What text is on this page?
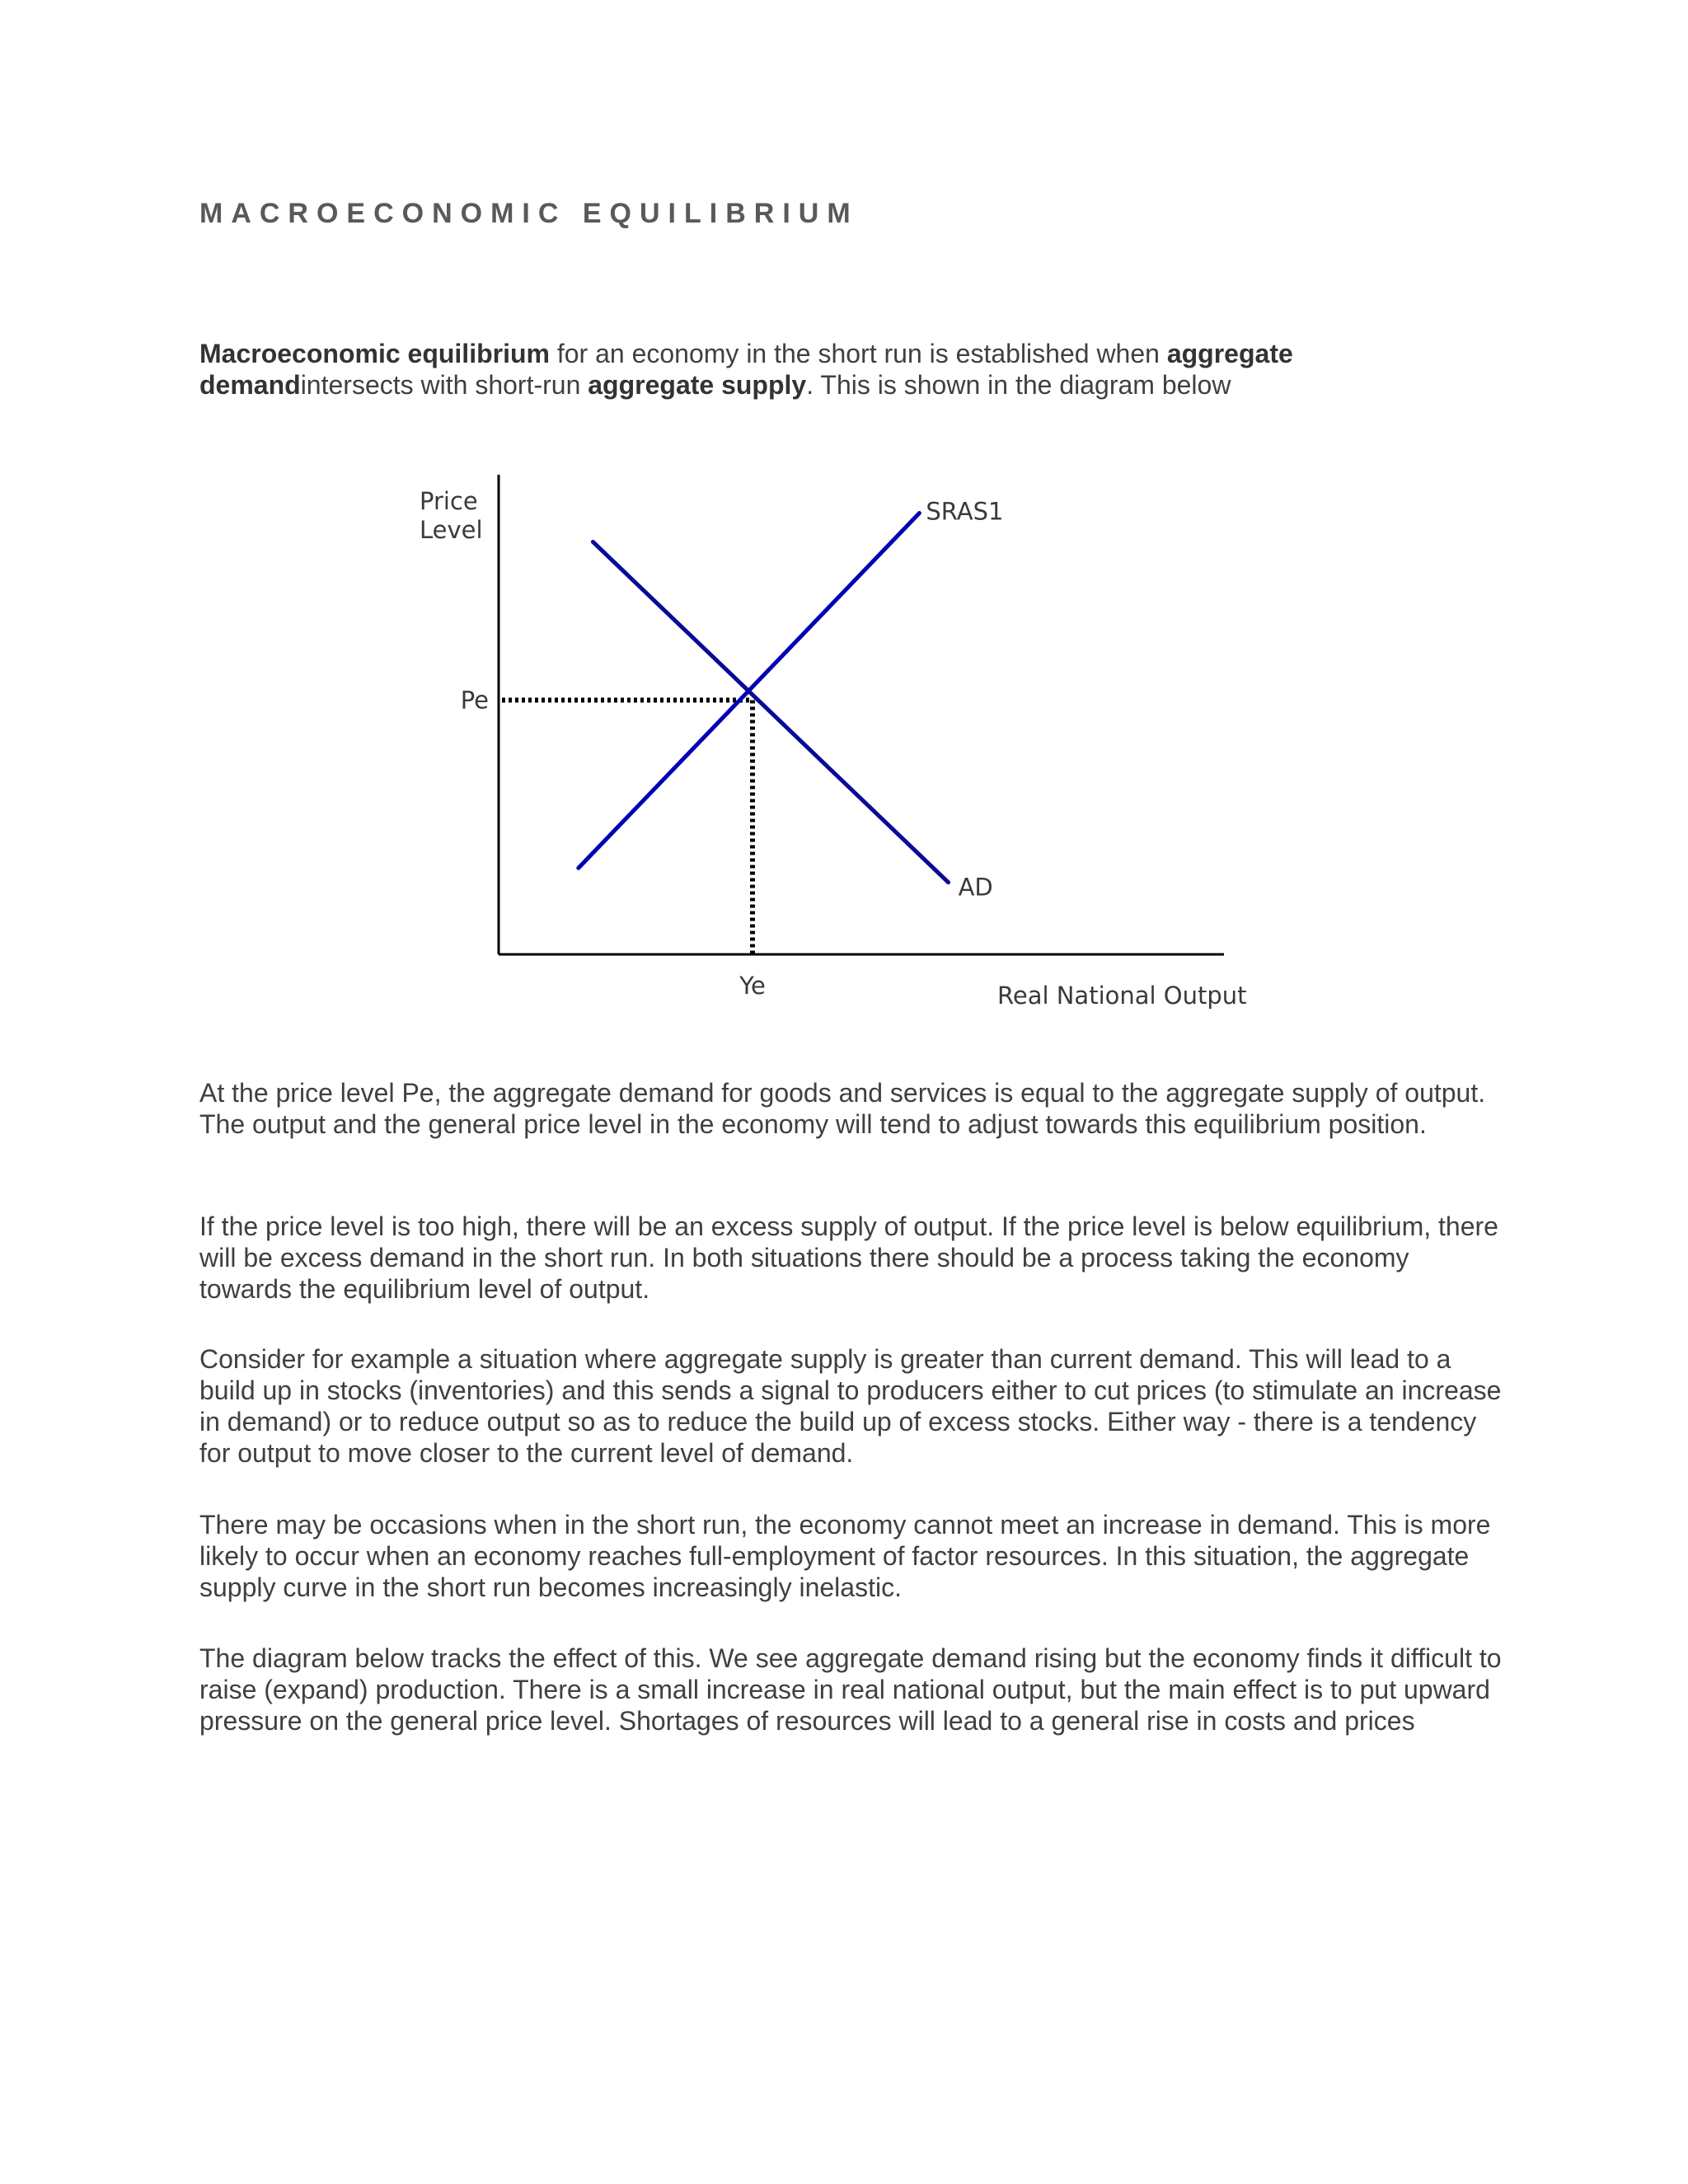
MACROECONOMIC EQUILIBRIUM

Macroeconomic equilibrium for an economy in the short run is established when aggregate demandintersects with short-run aggregate supply. This is shown in the diagram below

Price
Level
Real National Output
SRAS1
AD
Pe
Ye

At the price level Pe, the aggregate demand for goods and services is equal to the aggregate supply of output. The output and the general price level in the economy will tend to adjust towards this equilibrium position.

If the price level is too high, there will be an excess supply of output. If the price level is below equilibrium, there will be excess demand in the short run. In both situations there should be a process taking the economy towards the equilibrium level of output.

Consider for example a situation where aggregate supply is greater than current demand. This will lead to a build up in stocks (inventories) and this sends a signal to producers either to cut prices (to stimulate an increase in demand) or to reduce output so as to reduce the build up of excess stocks. Either way - there is a tendency for output to move closer to the current level of demand.

There may be occasions when in the short run, the economy cannot meet an increase in demand. This is more likely to occur when an economy reaches full-employment of factor resources. In this situation, the aggregate supply curve in the short run becomes increasingly inelastic.

The diagram below tracks the effect of this. We see aggregate demand rising but the economy finds it difficult to raise (expand) production. There is a small increase in real national output, but the main effect is to put upward pressure on the general price level. Shortages of resources will lead to a general rise in costs and prices
